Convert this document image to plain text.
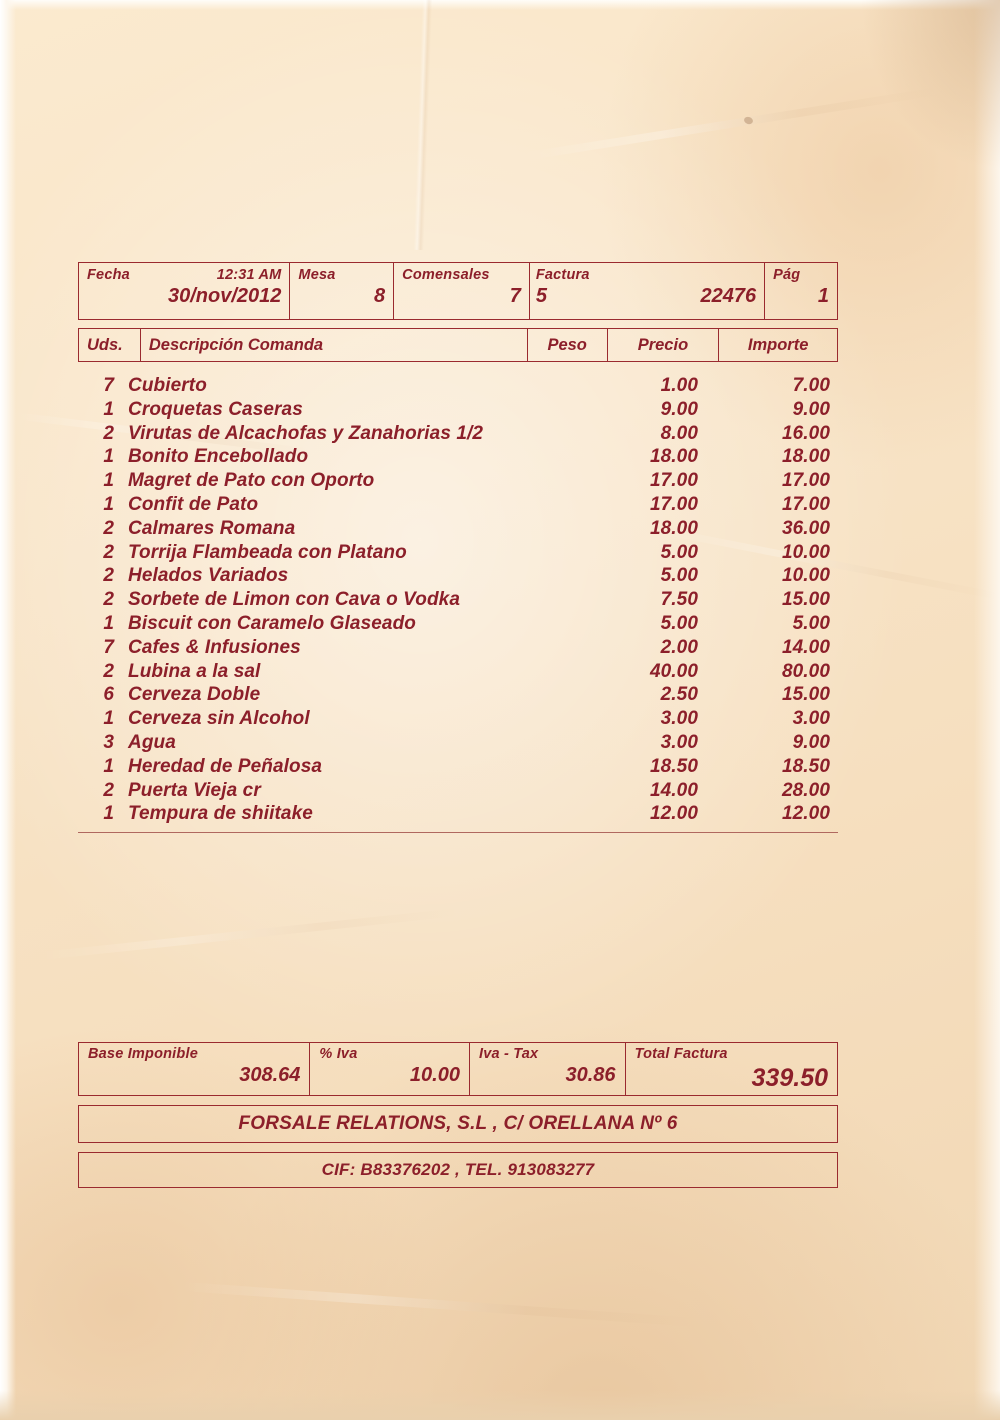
Fecha	12:31 AM
30/nov/2012
Mesa
8
Comensales
7
Factura
5	22476
Pág
1
Uds.	Descripción Comanda	Peso	Precio	Importe
7 Cubierto	1.00	7.00
1 Croquetas Caseras	9.00	9.00
2 Virutas de Alcachofas y Zanahorias 1/2	8.00	16.00
1 Bonito Encebollado	18.00	18.00
1 Magret de Pato con Oporto	17.00	17.00
1 Confit de Pato	17.00	17.00
2 Calmares Romana	18.00	36.00
2 Torrija Flambeada con Platano	5.00	10.00
2 Helados Variados	5.00	10.00
2 Sorbete de Limon con Cava o Vodka	7.50	15.00
1 Biscuit con Caramelo Glaseado	5.00	5.00
7 Cafes & Infusiones	2.00	14.00
2 Lubina a la sal	40.00	80.00
6 Cerveza Doble	2.50	15.00
1 Cerveza sin Alcohol	3.00	3.00
3 Agua	3.00	9.00
1 Heredad de Peñalosa	18.50	18.50
2 Puerta Vieja cr	14.00	28.00
1 Tempura de shiitake	12.00	12.00
Base Imponible
308.64
% Iva
10.00
Iva - Tax
30.86
Total Factura
339.50
FORSALE RELATIONS, S.L , C/ ORELLANA Nº 6
CIF: B83376202 , TEL. 913083277
